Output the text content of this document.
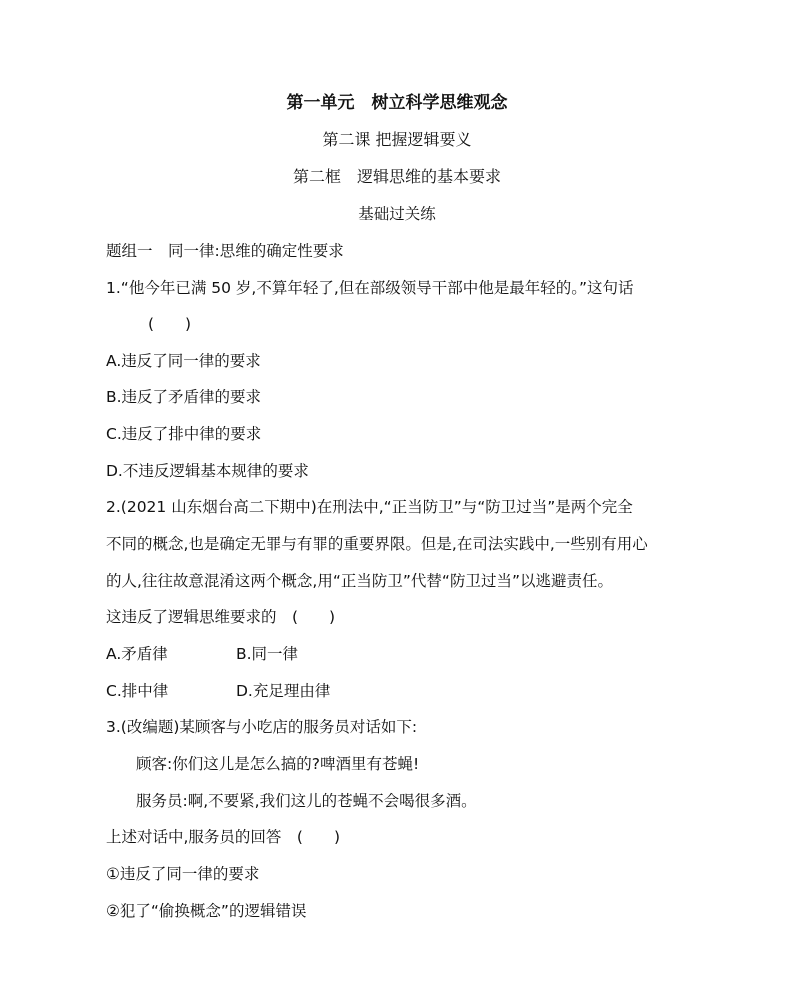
第一单元　树立科学思维观念
第二课 把握逻辑要义
第二框　逻辑思维的基本要求
基础过关练
题组一　同一律:思维的确定性要求
1.“他今年已满 50 岁,不算年轻了,但在部级领导干部中他是最年轻的。”这句话
(　　)
A.违反了同一律的要求
B.违反了矛盾律的要求
C.违反了排中律的要求
D.不违反逻辑基本规律的要求
2.(2021 山东烟台高二下期中)在刑法中,“正当防卫”与“防卫过当”是两个完全
不同的概念,也是确定无罪与有罪的重要界限。但是,在司法实践中,一些别有用心
的人,往往故意混淆这两个概念,用“正当防卫”代替“防卫过当”以逃避责任。
这违反了逻辑思维要求的　(　　)
A.矛盾律	B.同一律
C.排中律	D.充足理由律
3.(改编题)某顾客与小吃店的服务员对话如下:
顾客:你们这儿是怎么搞的?啤酒里有苍蝇!
服务员:啊,不要紧,我们这儿的苍蝇不会喝很多酒。
上述对话中,服务员的回答　(　　)
①违反了同一律的要求
②犯了“偷换概念”的逻辑错误
